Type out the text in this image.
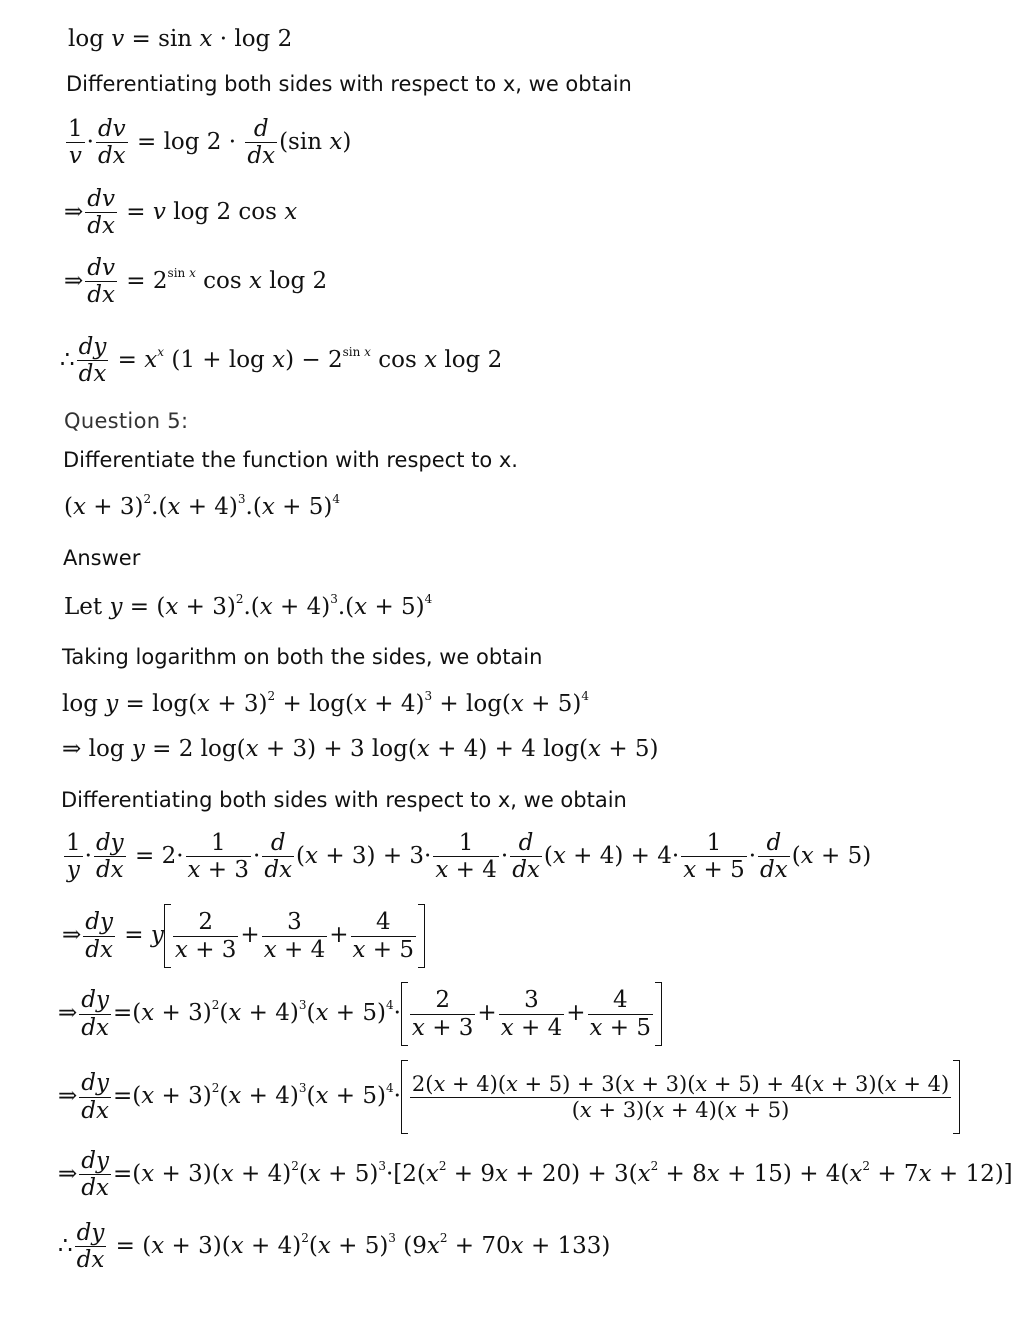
log v = sin x · log 2
Differentiating both sides with respect to x, we obtain
$\frac{1}{v} \cdot \frac{dv}{dx} = \log 2 \cdot \frac{d}{dx} (\sin$ x)
⇒ $\frac{dv}{dx} = v$ log 2 cos x
⇒ $\frac{dv}{dx} = 2^{sin x}$ cos x log 2
∴ $\frac{dy}{dx} = x^x$ $(1 + \log x) - 2^{sin x}$ cos x log 2
Question 5:
Differentiate the function with respect to x.
$(x + 3)^2.(x + 4)^3.(x + 5)^4$
Answer
Let $y = (x + 3)^2.(x + 4)^3.(x + 5)^4$
Taking logarithm on both the sides, we obtain
$\log y = \log(x + 3)^2 + \log(x + 4)^3 + \log(x + 5)^4$
⇒ log y = 2 log(x + 3) + 3 log(x + 4) + 4 log(x + 5)
Differentiating both sides with respect to x, we obtain
$\frac{1}{y} \cdot \frac{dy}{dx} = 2\cdot \frac{1}{x + 3} \cdot \frac{d}{dx} (x + 3) + 3\cdot \frac{1}{x + 4} \cdot \frac{d}{dx} (x + 4) + 4\cdot \frac{1}{x + 5} \cdot \frac{d}{dx} (x + 5)$
⇒ $\frac{dy}{dx} = y \frac{2}{x + 3} + \frac{3}{x + 4} + \frac{4}{x + 5}$
⇒ $\frac{dy}{dx} =(x + 3)^2(x + 4)^3(x + 5)^4\cdot \frac{2}{x + 3} + \frac{3}{x + 4} + \frac{4}{x + 5}$
⇒ $\frac{dy}{dx} =(x + 3)^2(x + 4)^3(x + 5)^4\cdot \frac{2(x + 4)(x + 5) + 3(x + 3)(x + 5) + 4(x + 3)(x + 4)}{(x + 3)(x + 4)(x + 5)}$
⇒ $\frac{dy}{dx} =(x + 3)(x + 4)^2(x + 5)^3\cdot[2(x^2 + 9x + 20) + 3(x^2 + 8x + 15) + 4(x^2 + 7x + 12)]$
∴ $\frac{dy}{dx} = (x + 3)(x + 4)^2(x + 5)^3$ $(9x^2 + 70x + 133)$
